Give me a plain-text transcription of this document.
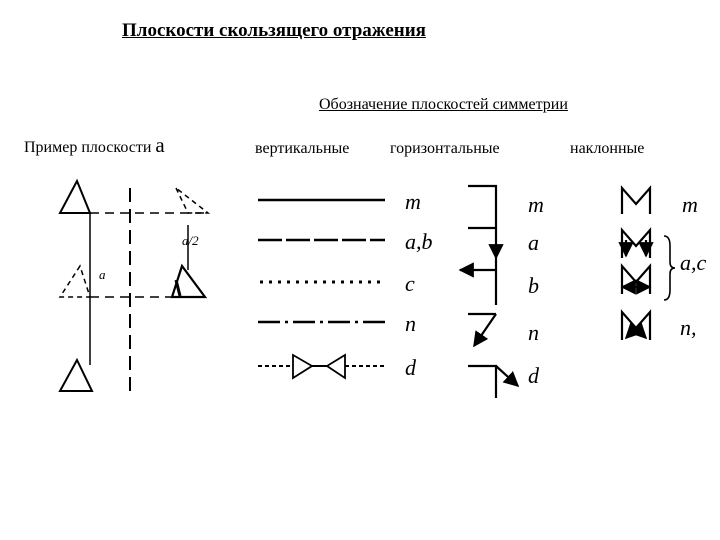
Плоскости скользящего отражения
Обозначение плоскостей симметрии
Пример плоскости a	вертикальные	горизонтальные	наклонные
a/2
a
m
a,b
c
n
d
m
a
b
n
d
m
a,c
n,
